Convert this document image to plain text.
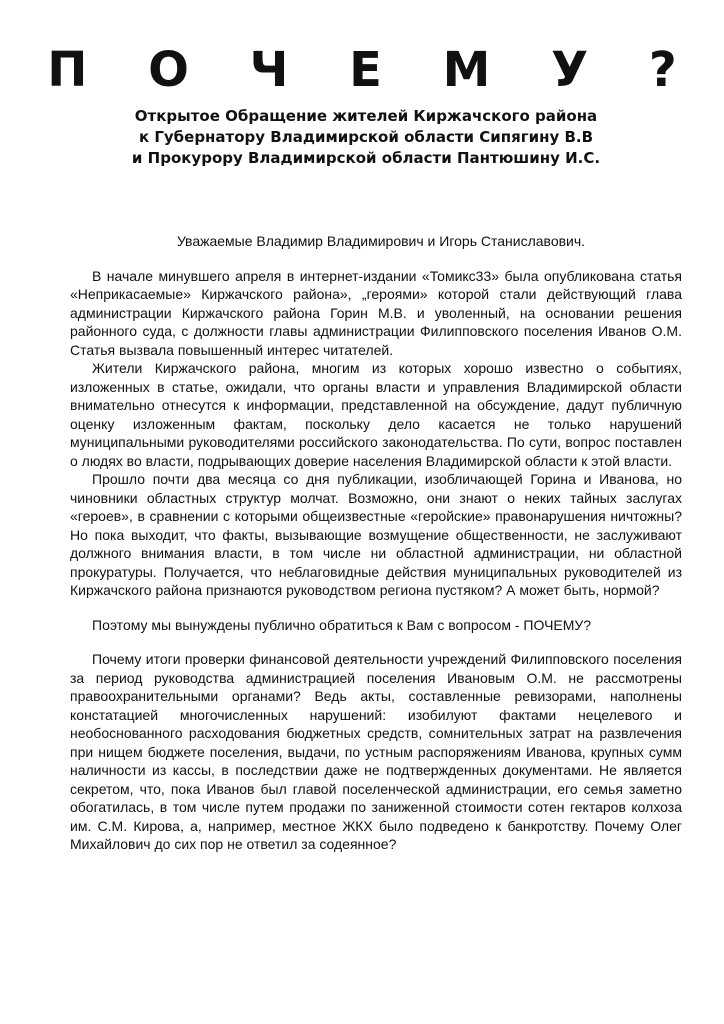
П О Ч Е М У ?
Открытое Обращение жителей Киржачского района
к Губернатору Владимирской области Сипягину В.В
и Прокурору Владимирской области Пантюшину И.С.

Уважаемые Владимир Владимирович и Игорь Станиславович.

В начале минувшего апреля в интернет-издании «Томикс33» была опубликована статья «Неприкасаемые» Киржачского района», „героями» которой стали действующий глава администрации Киржачского района Горин М.В. и уволенный, на основании решения районного суда, с должности главы администрации Филипповского поселения Иванов О.М. Статья вызвала повышенный интерес читателей.

Жители Киржачского района, многим из которых хорошо известно о событиях, изложенных в статье, ожидали, что органы власти и управления Владимирской области внимательно отнесутся к информации, представленной на обсуждение, дадут публичную оценку изложенным фактам, поскольку дело касается не только нарушений муниципальными руководителями российского законодательства. По сути, вопрос поставлен о людях во власти, подрывающих доверие населения Владимирской области к этой власти.

Прошло почти два месяца со дня публикации, изобличающей Горина и Иванова, но чиновники областных структур молчат. Возможно, они знают о неких тайных заслугах «героев», в сравнении с которыми общеизвестные «геройские» правонарушения ничтожны? Но пока выходит, что факты, вызывающие возмущение общественности, не заслуживают должного внимания власти, в том числе ни областной администрации, ни областной прокуратуры. Получается, что неблаговидные действия муниципальных руководителей из Киржачского района признаются руководством региона пустяком? А может быть, нормой?

Поэтому мы вынуждены публично обратиться к Вам с вопросом - ПОЧЕМУ?

Почему итоги проверки финансовой деятельности учреждений Филипповского поселения за период руководства администрацией поселения Ивановым О.М. не рассмотрены правоохранительными органами? Ведь акты, составленные ревизорами, наполнены констатацией многочисленных нарушений: изобилуют фактами нецелевого и необоснованного расходования бюджетных средств, сомнительных затрат на развлечения при нищем бюджете поселения, выдачи, по устным распоряжениям Иванова, крупных сумм наличности из кассы, в последствии даже не подтвержденных документами. Не является секретом, что, пока Иванов был главой поселенческой администрации, его семья заметно обогатилась, в том числе путем продажи по заниженной стоимости сотен гектаров колхоза им. С.М. Кирова, а, например, местное ЖКХ было подведено к банкротству. Почему Олег Михайлович до сих пор не ответил за содеянное?
